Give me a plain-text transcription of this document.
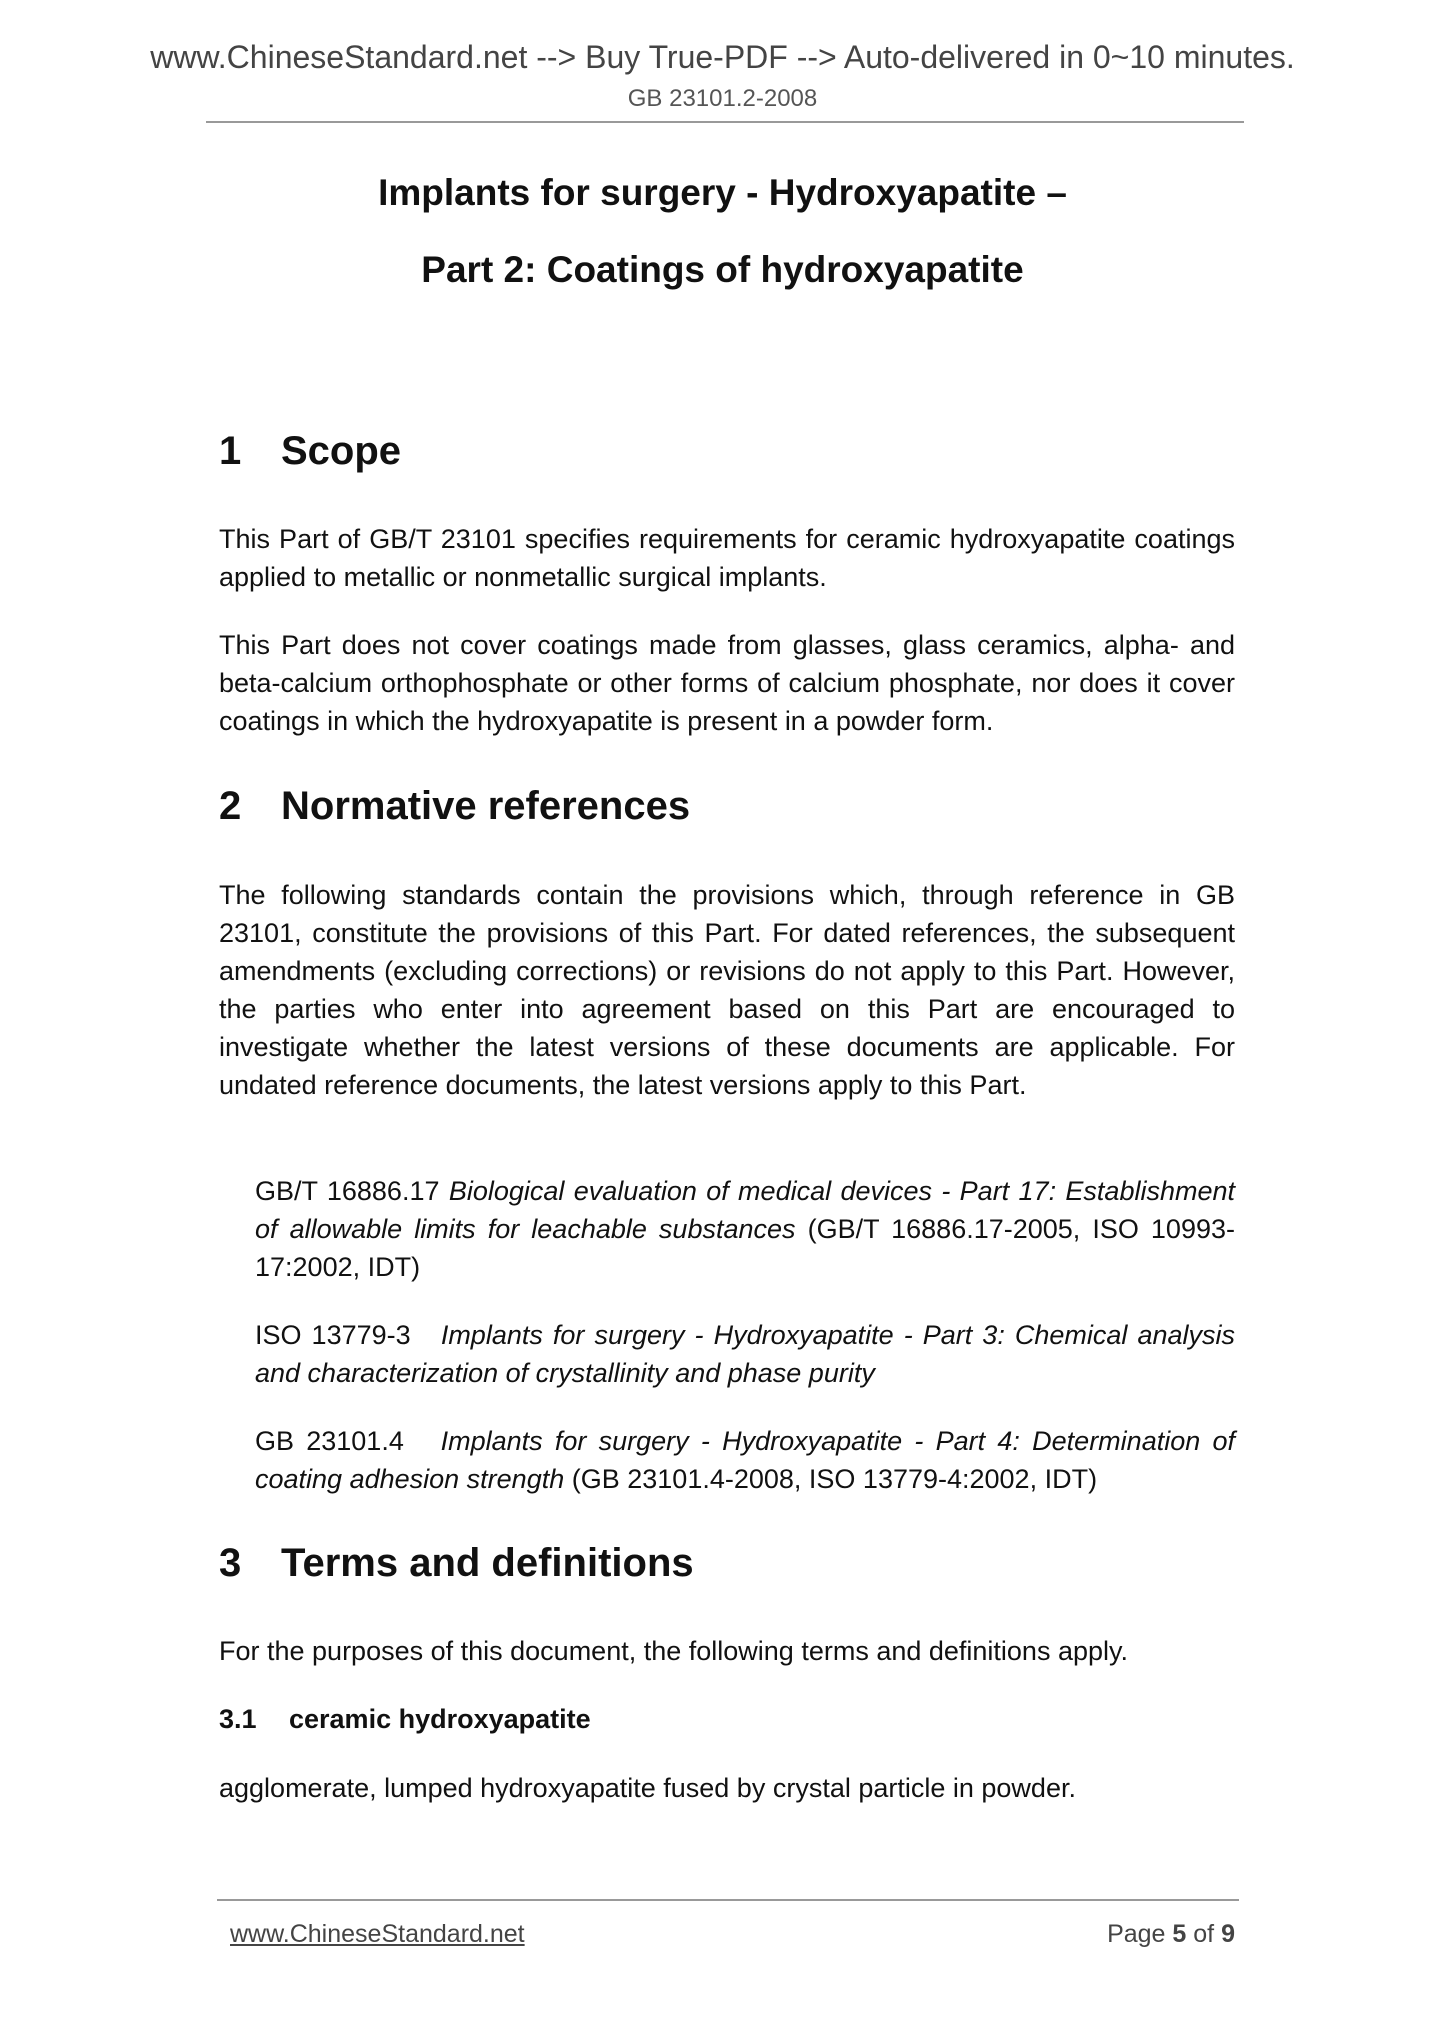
www.ChineseStandard.net --> Buy True-PDF --> Auto-delivered in 0~10 minutes.
GB 23101.2-2008
Implants for surgery - Hydroxyapatite –
Part 2: Coatings of hydroxyapatite
1 Scope
This Part of GB/T 23101 specifies requirements for ceramic hydroxyapatite coatings applied to metallic or nonmetallic surgical implants.
This Part does not cover coatings made from glasses, glass ceramics, alpha- and beta-calcium orthophosphate or other forms of calcium phosphate, nor does it cover coatings in which the hydroxyapatite is present in a powder form.
2 Normative references
The following standards contain the provisions which, through reference in GB 23101, constitute the provisions of this Part. For dated references, the subsequent amendments (excluding corrections) or revisions do not apply to this Part. However, the parties who enter into agreement based on this Part are encouraged to investigate whether the latest versions of these documents are applicable. For undated reference documents, the latest versions apply to this Part.
GB/T 16886.17 Biological evaluation of medical devices - Part 17: Establishment of allowable limits for leachable substances (GB/T 16886.17-2005, ISO 10993-17:2002, IDT)
ISO 13779-3 Implants for surgery - Hydroxyapatite - Part 3: Chemical analysis and characterization of crystallinity and phase purity
GB 23101.4 Implants for surgery - Hydroxyapatite - Part 4: Determination of coating adhesion strength (GB 23101.4-2008, ISO 13779-4:2002, IDT)
3 Terms and definitions
For the purposes of this document, the following terms and definitions apply.
3.1 ceramic hydroxyapatite
agglomerate, lumped hydroxyapatite fused by crystal particle in powder.
www.ChineseStandard.net	Page 5 of 9
